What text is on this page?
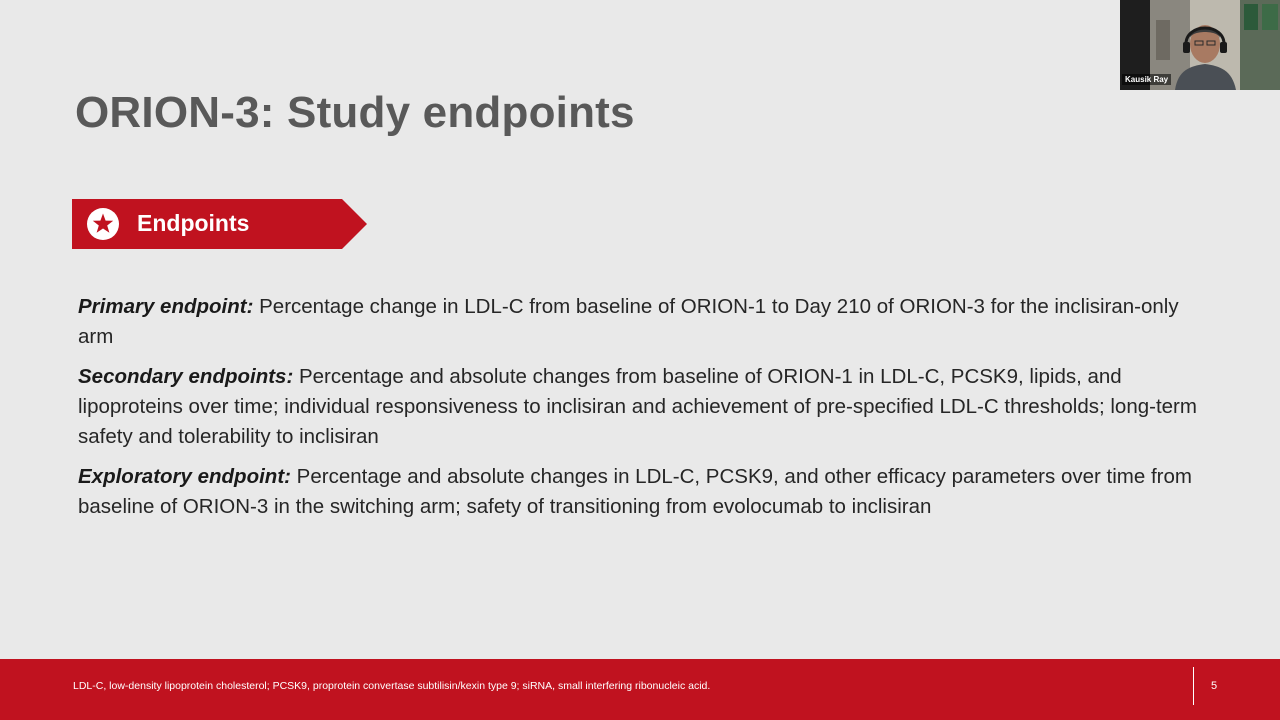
ORION-3: Study endpoints
Endpoints

Primary endpoint: Percentage change in LDL-C from baseline of ORION-1 to Day 210 of ORION-3 for the inclisiran-only arm

Secondary endpoints: Percentage and absolute changes from baseline of ORION-1 in LDL-C, PCSK9, lipids, and lipoproteins over time; individual responsiveness to inclisiran and achievement of pre-specified LDL-C thresholds; long-term safety and tolerability to inclisiran

Exploratory endpoint: Percentage and absolute changes in LDL-C, PCSK9, and other efficacy parameters over time from baseline of ORION-3 in the switching arm; safety of transitioning from evolocumab to inclisiran

LDL-C, low-density lipoprotein cholesterol; PCSK9, proprotein convertase subtilisin/kexin type 9; siRNA, small interfering ribonucleic acid.	5
Kausik Ray
